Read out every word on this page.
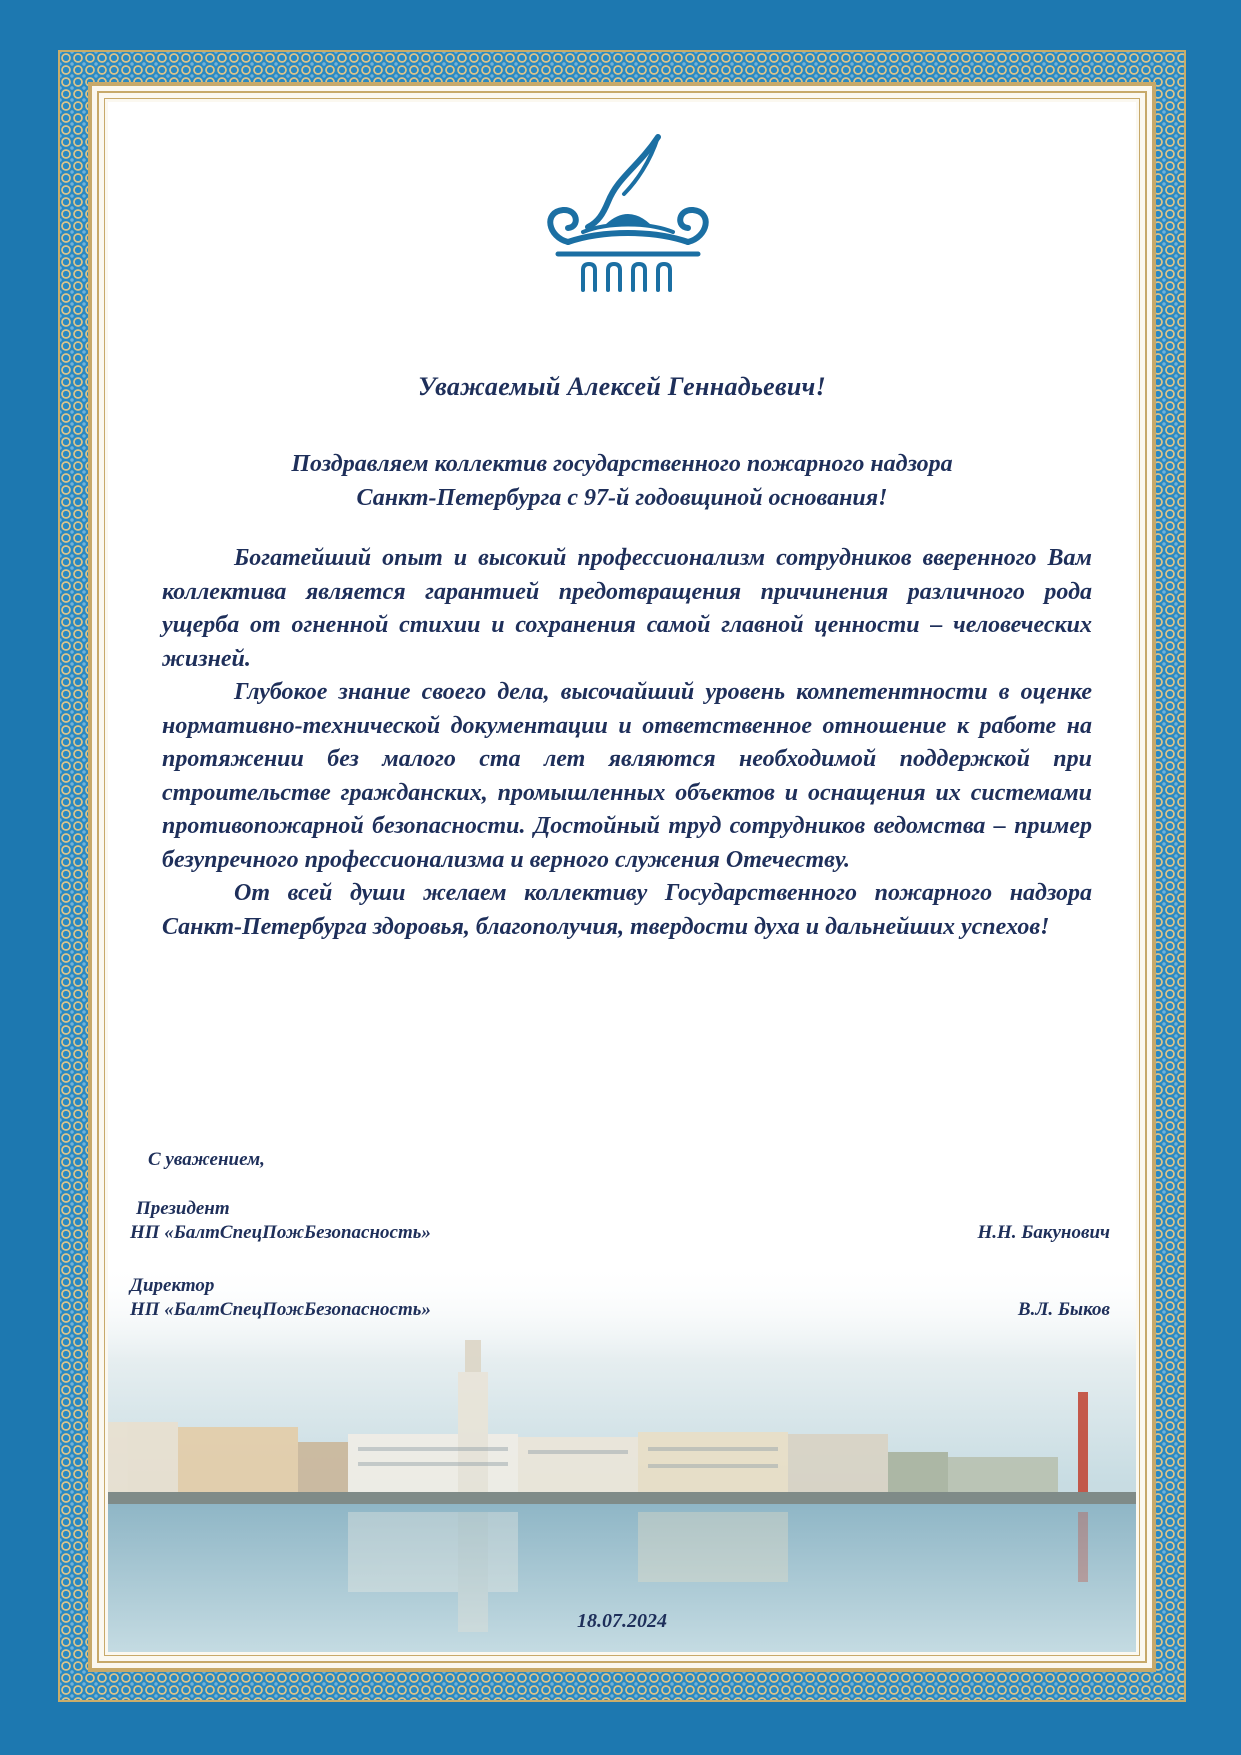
Уважаемый Алексей Геннадьевич!
Поздравляем коллектив государственного пожарного надзора
Санкт-Петербурга с 97-й годовщиной основания!

Богатейший опыт и высокий профессионализм сотрудников вверенного Вам коллектива является гарантией предотвращения причинения различного рода ущерба от огненной стихии и сохранения самой главной ценности – человеческих жизней.

Глубокое знание своего дела, высочайший уровень компетентности в оценке нормативно-технической документации и ответственное отношение к работе на протяжении без малого ста лет являются необходимой поддержкой при строительстве гражданских, промышленных объектов и оснащения их системами противопожарной безопасности. Достойный труд сотрудников ведомства – пример безупречного профессионализма и верного служения Отечеству.

От всей души желаем коллективу Государственного пожарного надзора Санкт-Петербурга здоровья, благополучия, твердости духа и дальнейших успехов!

С уважением,
Президент
НП «БалтСпецПожБезопасность»	Н.Н. Бакунович
Директор
НП «БалтСпецПожБезопасность»	В.Л. Быков
18.07.2024
